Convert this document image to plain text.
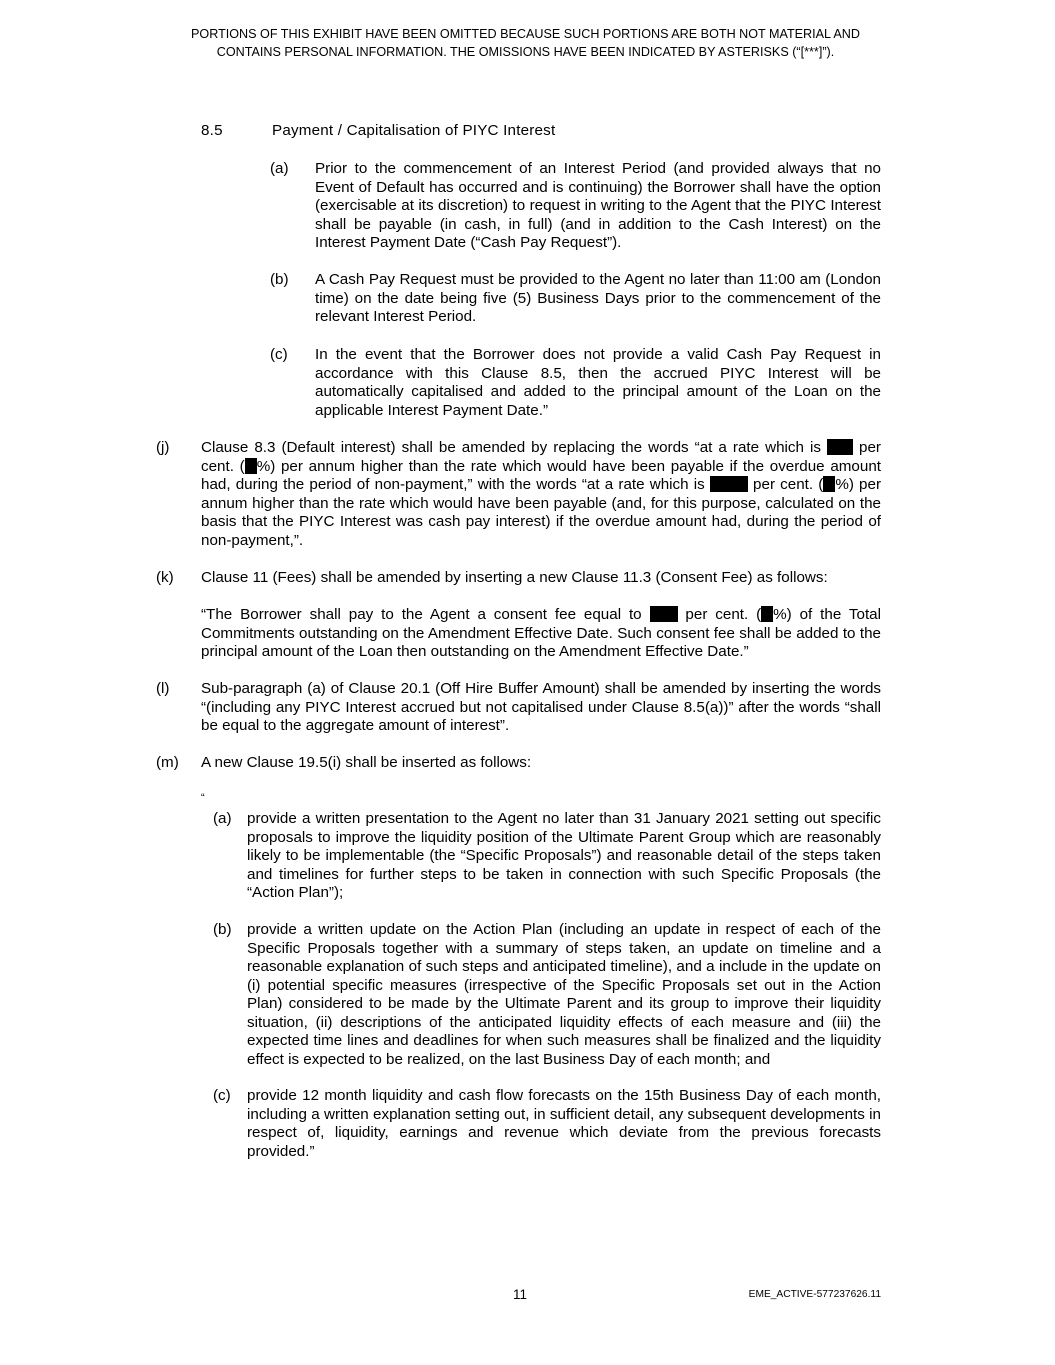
PORTIONS OF THIS EXHIBIT HAVE BEEN OMITTED BECAUSE SUCH PORTIONS ARE BOTH NOT MATERIAL AND
CONTAINS PERSONAL INFORMATION. THE OMISSIONS HAVE BEEN INDICATED BY ASTERISKS (“[***]”).
8.5	Payment / Capitalisation of PIYC Interest
(a) Prior to the commencement of an Interest Period (and provided always that no Event of Default has occurred and is continuing) the Borrower shall have the option (exercisable at its discretion) to request in writing to the Agent that the PIYC Interest shall be payable (in cash, in full) (and in addition to the Cash Interest) on the Interest Payment Date (“Cash Pay Request”).
(b) A Cash Pay Request must be provided to the Agent no later than 11:00 am (London time) on the date being five (5) Business Days prior to the commencement of the relevant Interest Period.
(c) In the event that the Borrower does not provide a valid Cash Pay Request in accordance with this Clause 8.5, then the accrued PIYC Interest will be automatically capitalised and added to the principal amount of the Loan on the applicable Interest Payment Date.”
(j) Clause 8.3 (Default interest) shall be amended by replacing the words “at a rate which is  per cent. ( %) per annum higher than the rate which would have been payable if the overdue amount had, during the period of non-payment,” with the words “at a rate which is	per cent. ( %) per annum higher than the rate which would have been payable (and, for this purpose, calculated on the basis that the PIYC Interest was cash pay interest) if the overdue amount had, during the period of non-payment,”.
(k) Clause 11 (Fees) shall be amended by inserting a new Clause 11.3 (Consent Fee) as follows:
“The Borrower shall pay to the Agent a consent fee equal to  per cent. ( %) of the Total Commitments outstanding on the Amendment Effective Date. Such consent fee shall be added to the principal amount of the Loan then outstanding on the Amendment Effective Date.”
(l) Sub-paragraph (a) of Clause 20.1 (Off Hire Buffer Amount) shall be amended by inserting the words “(including any PIYC Interest accrued but not capitalised under Clause 8.5(a))” after the words “shall be equal to the aggregate amount of interest”.
(m) A new Clause 19.5(i) shall be inserted as follows:
“
(a) provide a written presentation to the Agent no later than 31 January 2021 setting out specific proposals to improve the liquidity position of the Ultimate Parent Group which are reasonably likely to be implementable (the “Specific Proposals”) and reasonable detail of the steps taken and timelines for further steps to be taken in connection with such Specific Proposals (the “Action Plan”);
(b) provide a written update on the Action Plan (including an update in respect of each of the Specific Proposals together with a summary of steps taken, an update on timeline and a reasonable explanation of such steps and anticipated timeline), and a include in the update on (i) potential specific measures (irrespective of the Specific Proposals set out in the Action Plan) considered to be made by the Ultimate Parent and its group to improve their liquidity situation, (ii) descriptions of the anticipated liquidity effects of each measure and (iii) the expected time lines and deadlines for when such measures shall be finalized and the liquidity effect is expected to be realized, on the last Business Day of each month; and
(c) provide 12 month liquidity and cash flow forecasts on the 15th Business Day of each month, including a written explanation setting out, in sufficient detail, any subsequent developments in respect of, liquidity, earnings and revenue which deviate from the previous forecasts provided.”
11	EME_ACTIVE-577237626.11
